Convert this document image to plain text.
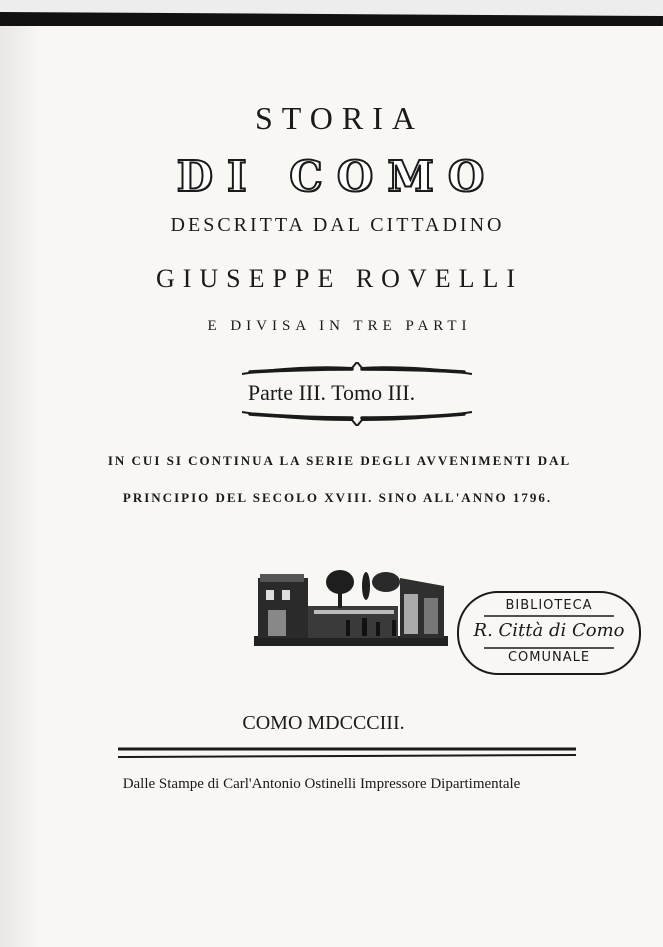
STORIA
DI COMO
DESCRITTA DAL CITTADINO
GIUSEPPE ROVELLI
E DIVISA IN TRE PARTI
Parte III. Tomo III.
IN CUI SI CONTINUA LA SERIE DEGLI AVVENIMENTI DAL
PRINCIPIO DEL SECOLO XVIII. SINO ALL'ANNO 1796.
BIBLIOTECA
R. Città di Como
COMUNALE
COMO MDCCCIII.
Dalle Stampe di Carl'Antonio Ostinelli Impressore Dipartimentale
